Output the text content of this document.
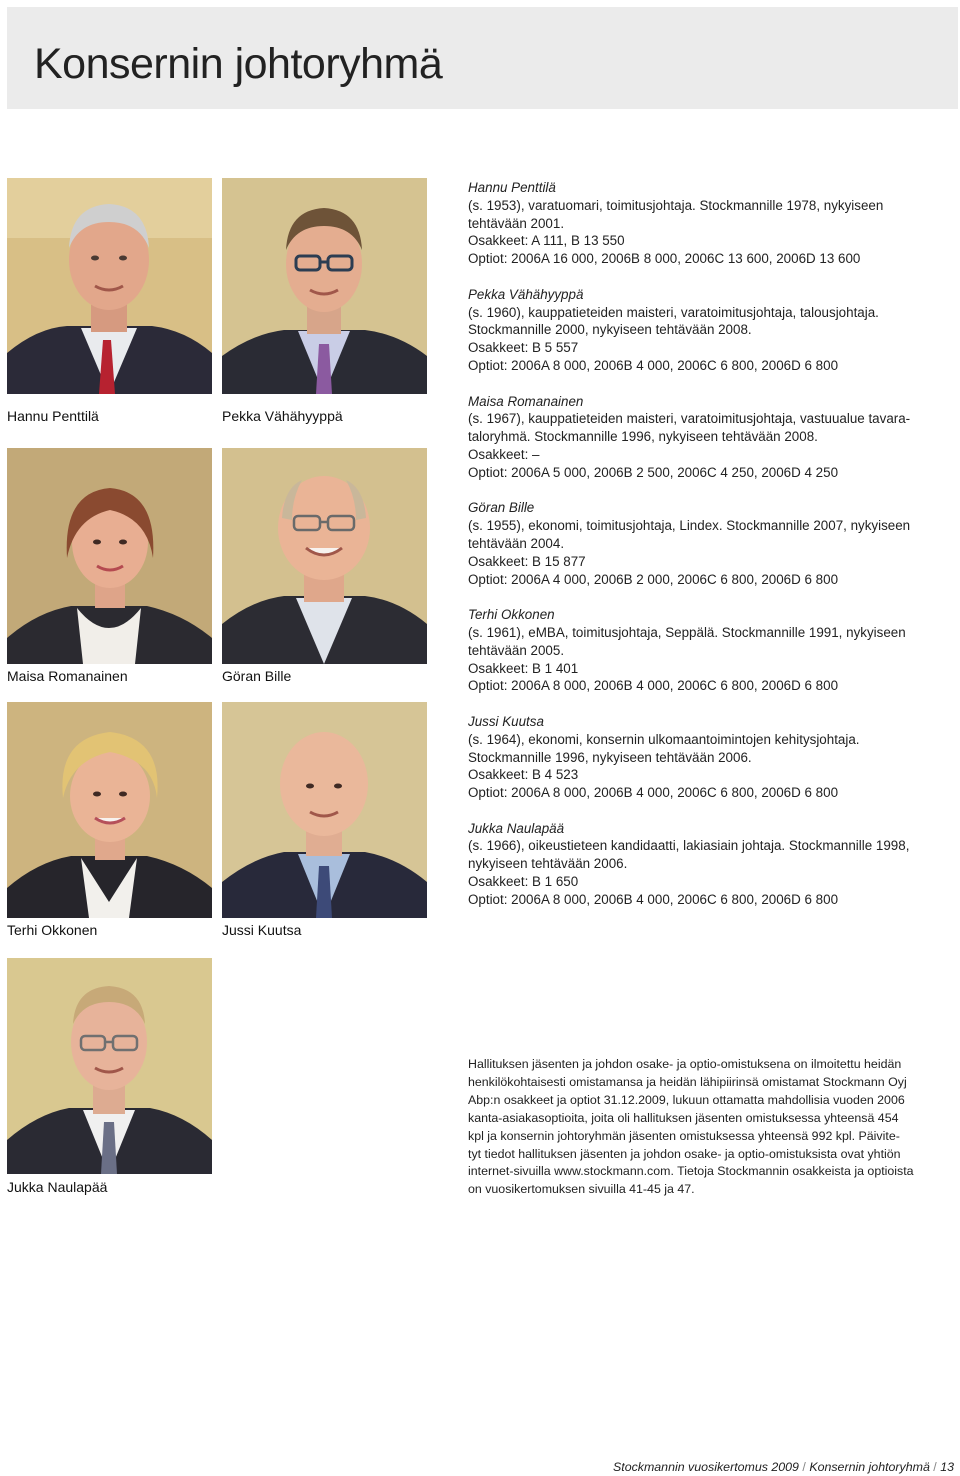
Konsernin johtoryhmä
Hannu Penttilä	Pekka Vähähyyppä
Maisa Romanainen	Göran Bille
Terhi Okkonen	Jussi Kuutsa
Jukka Naulapää
Hannu Penttilä
(s. 1953), varatuomari, toimitusjohtaja. Stockmannille 1978, nykyiseen
tehtävään 2001.
Osakkeet: A 111, B 13 550
Optiot: 2006A 16 000, 2006B 8 000, 2006C 13 600, 2006D 13 600
Pekka Vähähyyppä
(s. 1960), kauppatieteiden maisteri, varatoimitusjohtaja, talousjohtaja.
Stockmannille 2000, nykyiseen tehtävään 2008.
Osakkeet: B 5 557
Optiot: 2006A 8 000, 2006B 4 000, 2006C 6 800, 2006D 6 800
Maisa Romanainen
(s. 1967), kauppatieteiden maisteri, varatoimitusjohtaja, vastuualue tavara-
taloryhmä. Stockmannille 1996, nykyiseen tehtävään 2008.
Osakkeet: –
Optiot: 2006A 5 000, 2006B 2 500, 2006C 4 250, 2006D 4 250
Göran Bille
(s. 1955), ekonomi, toimitusjohtaja, Lindex. Stockmannille 2007, nykyiseen
tehtävään 2004.
Osakkeet: B 15 877
Optiot: 2006A 4 000, 2006B 2 000, 2006C 6 800, 2006D 6 800
Terhi Okkonen
(s. 1961), eMBA, toimitusjohtaja, Seppälä. Stockmannille 1991, nykyiseen
tehtävään 2005.
Osakkeet: B 1 401
Optiot: 2006A 8 000, 2006B 4 000, 2006C 6 800, 2006D 6 800
Jussi Kuutsa
(s. 1964), ekonomi, konsernin ulkomaantoimintojen kehitysjohtaja.
Stockmannille 1996, nykyiseen tehtävään 2006.
Osakkeet: B 4 523
Optiot: 2006A 8 000, 2006B 4 000, 2006C 6 800, 2006D 6 800
Jukka Naulapää
(s. 1966), oikeustieteen kandidaatti, lakiasiain johtaja. Stockmannille 1998,
nykyiseen tehtävään 2006.
Osakkeet: B 1 650
Optiot: 2006A 8 000, 2006B 4 000, 2006C 6 800, 2006D 6 800
Hallituksen jäsenten ja johdon osake- ja optio-omistuksena on ilmoitettu heidän
henkilökohtaisesti omistamansa ja heidän lähipiirinsä omistamat Stockmann Oyj
Abp:n osakkeet ja optiot 31.12.2009, lukuun ottamatta mahdollisia vuoden 2006
kanta-asiakasoptioita, joita oli hallituksen jäsenten omistuksessa yhteensä 454
kpl ja konsernin johtoryhmän jäsenten omistuksessa yhteensä 992 kpl. Päivite-
tyt tiedot hallituksen jäsenten ja johdon osake- ja optio-omistuksista ovat yhtiön
internet-sivuilla www.stockmann.com. Tietoja Stockmannin osakkeista ja optioista
on vuosikertomuksen sivuilla 41-45 ja 47.
Stockmannin vuosikertomus 2009 / Konsernin johtoryhmä / 13
